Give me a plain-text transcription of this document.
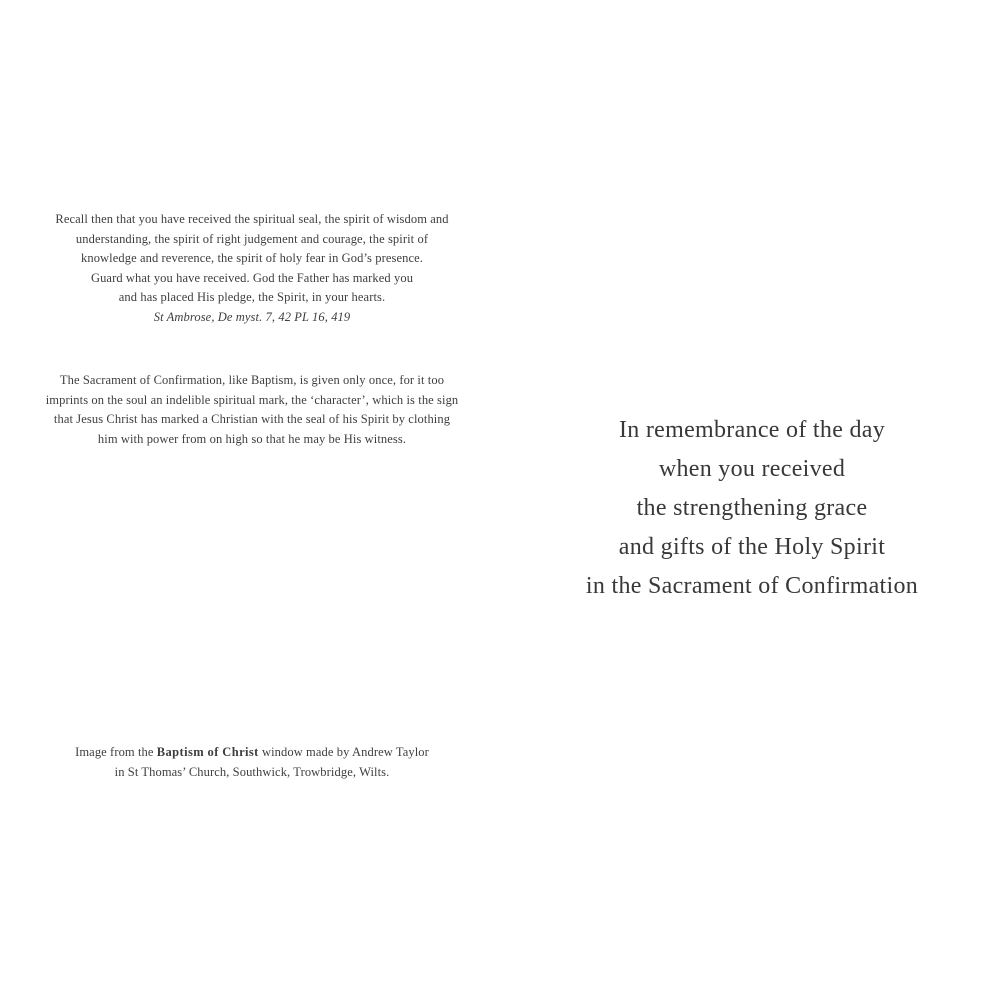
Recall then that you have received the spiritual seal, the spirit of wisdom and
understanding, the spirit of right judgement and courage, the spirit of
knowledge and reverence, the spirit of holy fear in God’s presence.
Guard what you have received. God the Father has marked you
and has placed His pledge, the Spirit, in your hearts.
St Ambrose, De myst. 7, 42 PL 16, 419
The Sacrament of Confirmation, like Baptism, is given only once, for it too
imprints on the soul an indelible spiritual mark, the ‘character’, which is the sign
that Jesus Christ has marked a Christian with the seal of his Spirit by clothing
him with power from on high so that he may be His witness.
Image from the Baptism of Christ window made by Andrew Taylor
in St Thomas’ Church, Southwick, Trowbridge, Wilts.
In remembrance of the day
when you received
the strengthening grace
and gifts of the Holy Spirit
in the Sacrament of Confirmation
